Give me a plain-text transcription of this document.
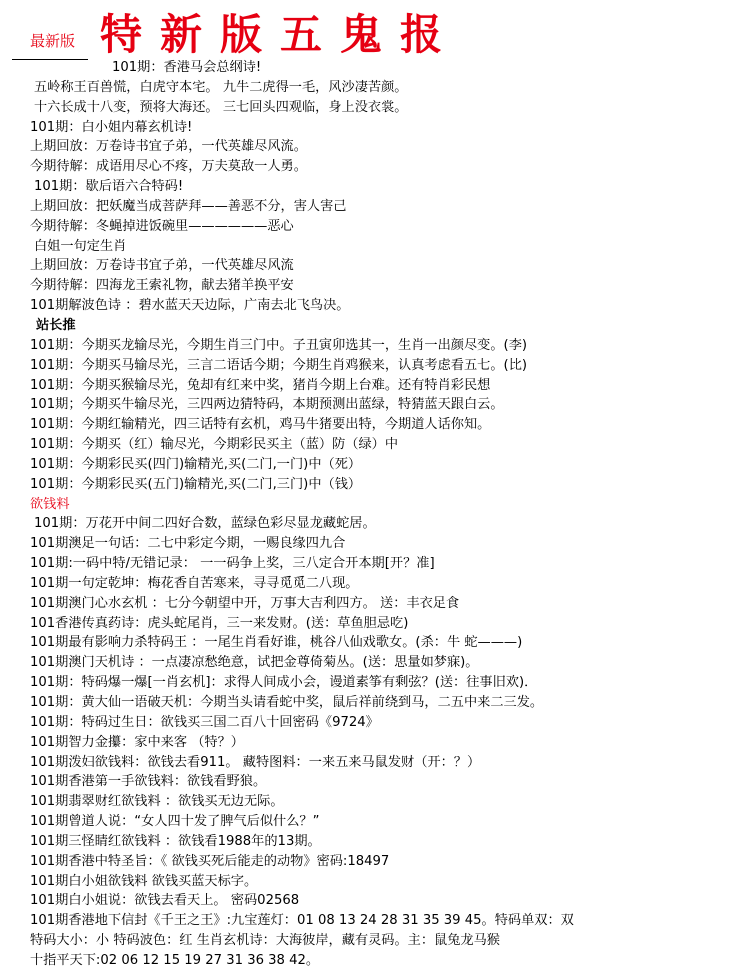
最新版 特新版五鬼报
101期：香港马会总纲诗!
五岭称王百兽慌，白虎守本宅。 九牛二虎得一毛，风沙凄苦颜。
十六长成十八变，预将大海还。 三七回头四观临，身上没衣裳。
101期：白小姐内幕玄机诗!
上期回放：万卷诗书宜子弟，一代英雄尽风流。
今期待解：成语用尽心不疼，万夫莫敌一人勇。
101期：歇后语六合特码!
上期回放：把妖魔当成菩萨拜——善恶不分，害人害己
今期待解：冬蝇掉进饭碗里——————恶心
白姐一句定生肖
上期回放：万卷诗书宜子弟，一代英雄尽风流
今期待解：四海龙王索礼物，献去猪羊换平安
101期解波色诗 ：碧水蓝天天边际，广南去北飞鸟决。
站长推
101期：今期买龙输尽光，今期生肖三门中。子丑寅卯选其一，生肖一出颜尽变。(李)
101期：今期买马输尽光，三言二语话今期；今期生肖鸡猴来，认真考虑看五七。(比)
101期：今期买猴输尽光，兔却有红来中奖，猪肖今期上台难。还有特肖彩民想
101期；今期买牛输尽光，三四两边猜特码，本期预测出蓝绿，特猜蓝天跟白云。
101期：今期红输精光，四三话特有玄机，鸡马牛猪要出特，今期道人话你知。
101期：今期买（红）输尽光，今期彩民买主（蓝）防（绿）中
101期：今期彩民买(四门)输精光,买(二门,一门)中（死）
101期：今期彩民买(五门)输精光,买(二门,三门)中（钱）
欲钱料
101期：万花开中间二四好合数，蓝绿色彩尽显龙藏蛇居。
101期澳足一句话：二七中彩定今期，一赐良缘四九合
101期:一码中特/无错记录： 一一码争上奖，三八定合开本期[开？准]
101期一句定乾坤：梅花香自苦寒来，寻寻觅觅二八现。
101期澳门心水玄机 ：七分今朝望中开，万事大吉利四方。 送：丰衣足食
101香港传真药诗：虎头蛇尾肖，三一来发财。(送：草鱼胆忌吃)
101期最有影响力杀特码王 ：一尾生肖看好谁，桃谷八仙戏歌女。(杀：牛 蛇———)
101期澳门天机诗 ：一点凄凉愁绝意，试把金尊倚菊丛。(送：思量如梦寐)。
101期：特码爆一爆[一肖玄机]：求得人间成小会，谩道素筝有剩弦？(送：往事旧欢)．
101期：黄大仙一语破天机：今期当头请看蛇中奖，鼠后祥前绕到马，二五中来二三发。
101期：特码过生日：欲钱买三国二百八十回密码《9724》
101期智力金攥：家中来客 （特？）
101期泼妇欲钱料：欲钱去看911。 藏特图料：一来五来马鼠发财（开：？）
101期香港第一手欲钱料：欲钱看野狼。
101期翡翠财红欲钱料 ：欲钱买无边无际。
101期曾道人说：“女人四十发了脾气后似什么？”
101期三怪睛红欲钱料 ：欲钱看1988年的13期。
101期香港中特圣旨：《 欲钱买死后能走的动物》密码:18497
101期白小姐欲钱料 欲钱买蓝天标字。
101期白小姐说：欲钱去看天上。 密码02568
101期香港地下信封《千王之王》:九宝莲灯：01 08 13 24 28 31 35 39 45。特码单双：双
特码大小：小 特码波色：红 生肖玄机诗：大海彼岸，藏有灵码。主：鼠兔龙马猴
十指平天下:02 06 12 15 19 27 31 36 38 42。
